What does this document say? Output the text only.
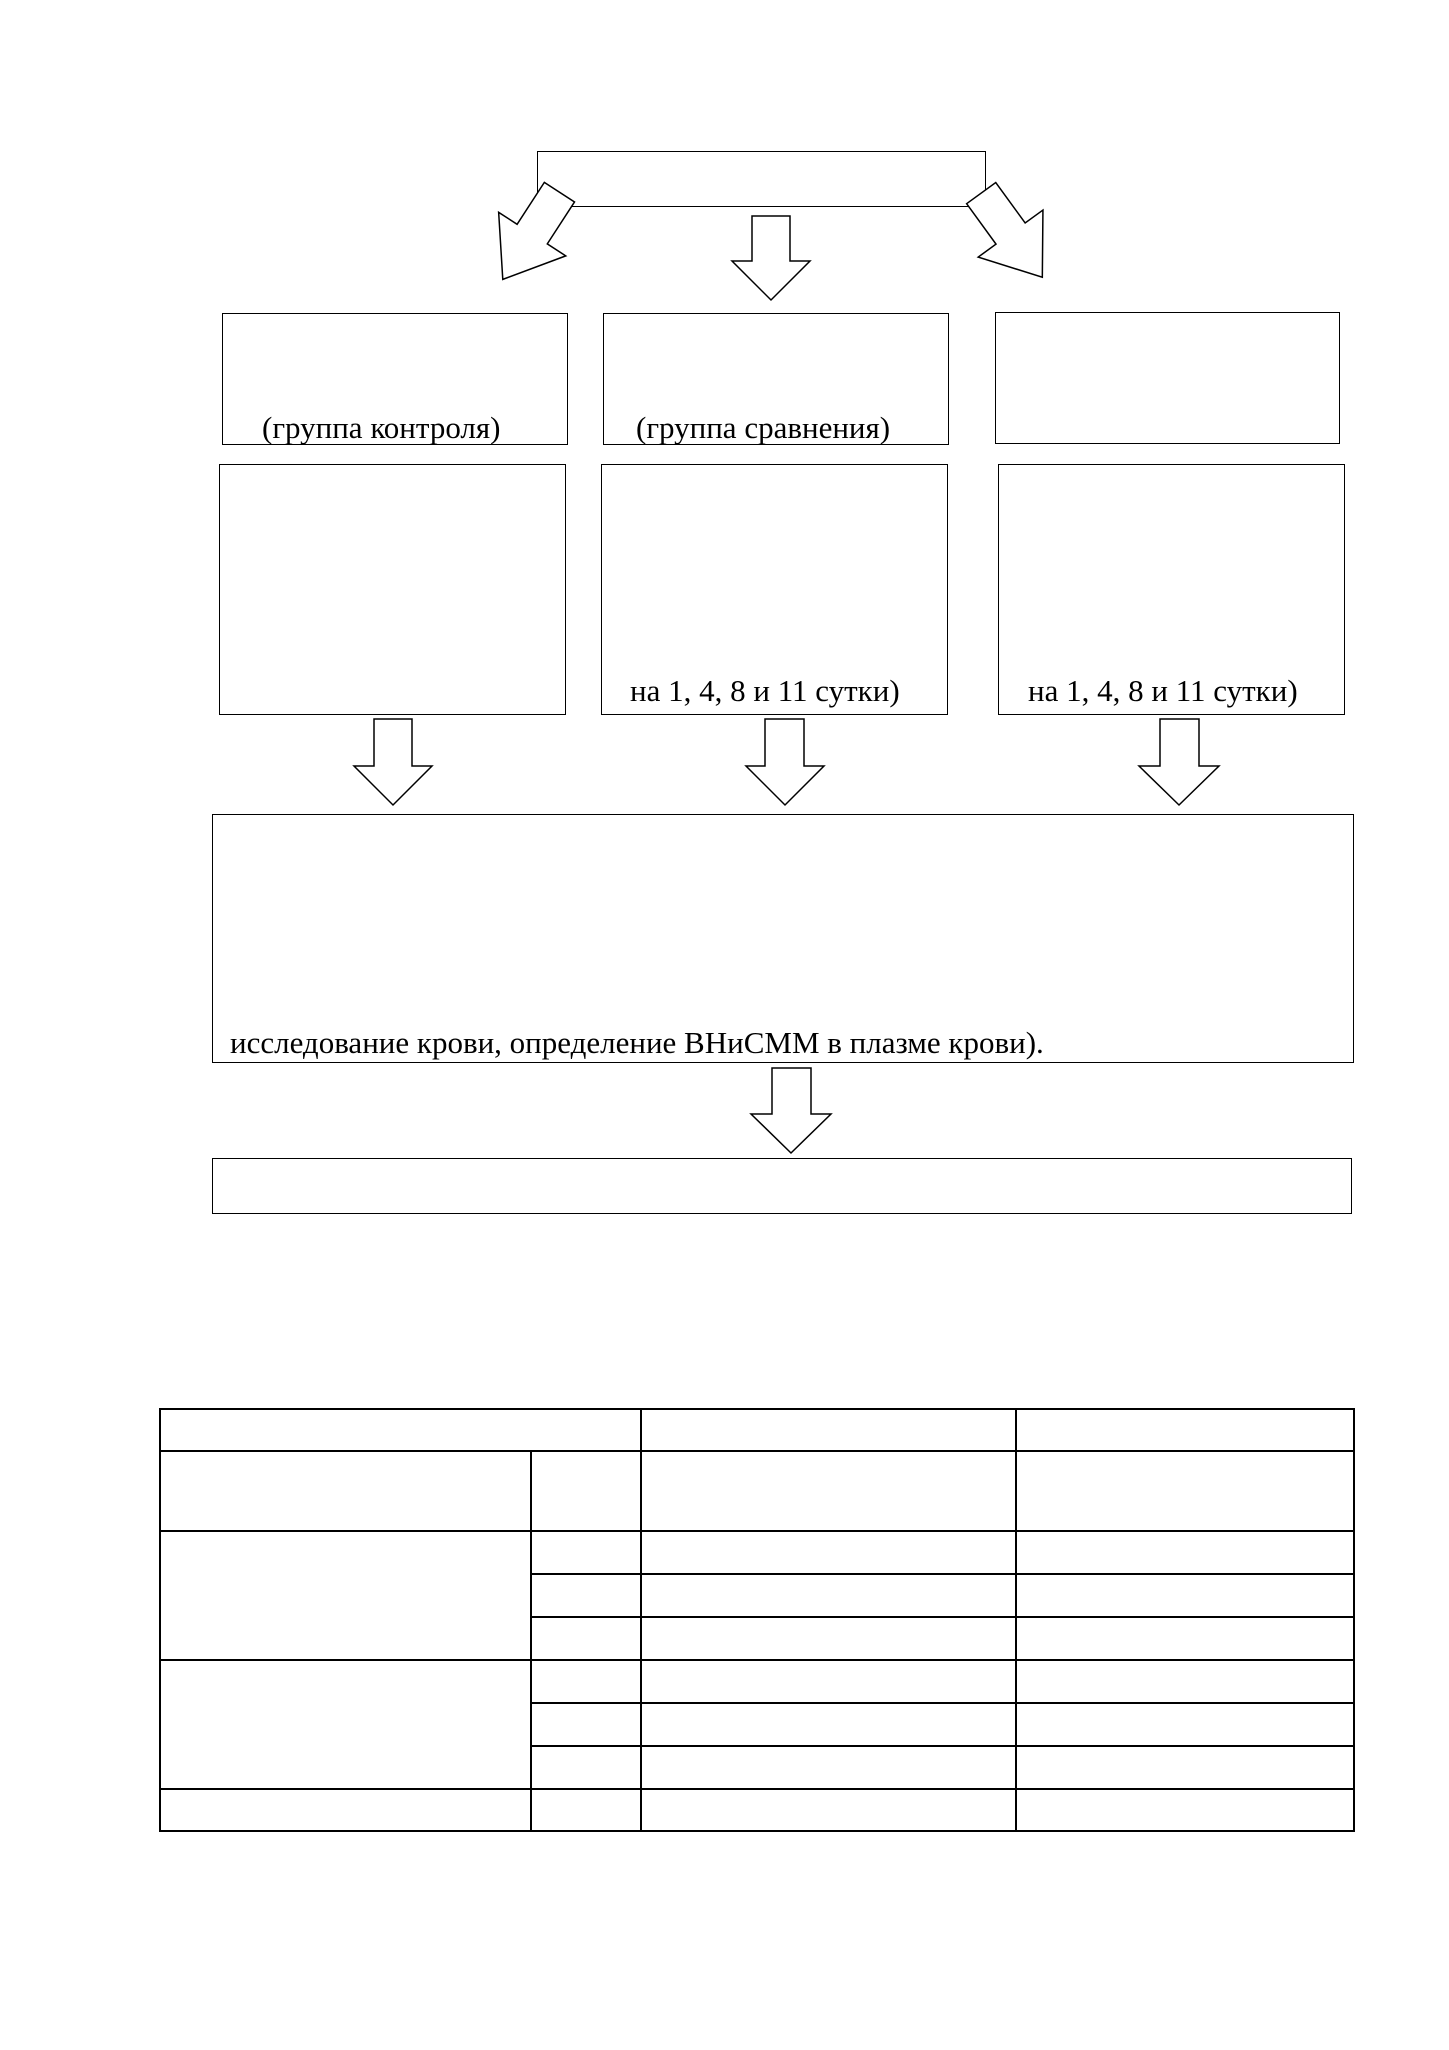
(группа контроля)	(группа сравнения)
на 1, 4, 8 и 11 сутки)	на 1, 4, 8 и 11 сутки)
исследование крови, определение ВНиСММ в плазме крови).
